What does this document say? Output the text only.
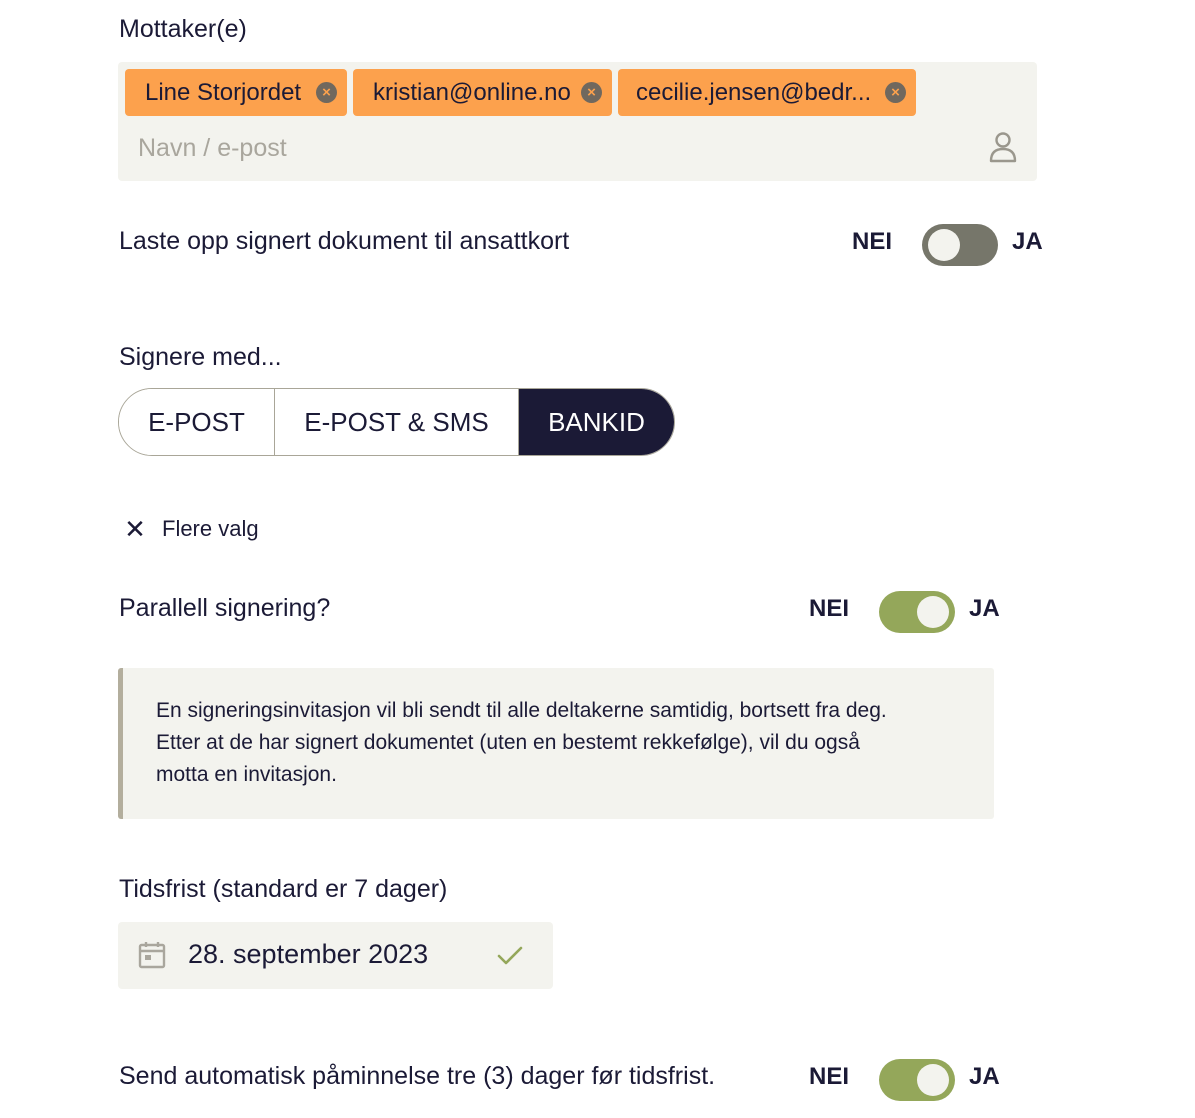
Mottaker(e)
Line Storjordet	× kristian@online.no	× cecilie.jensen@bedr...	×
Navn / e-post
Laste opp signert dokument til ansattkort	NEI	JA
Signere med...
E-POST	E-POST & SMS	BANKID
✕ Flere valg
Parallell signering?	NEI	JA
En signeringsinvitasjon vil bli sendt til alle deltakerne samtidig, bortsett fra deg.
Etter at de har signert dokumentet (uten en bestemt rekkefølge), vil du også
motta en invitasjon.
Tidsfrist (standard er 7 dager)
28. september 2023
Send automatisk påminnelse tre (3) dager før tidsfrist.	NEI	JA
